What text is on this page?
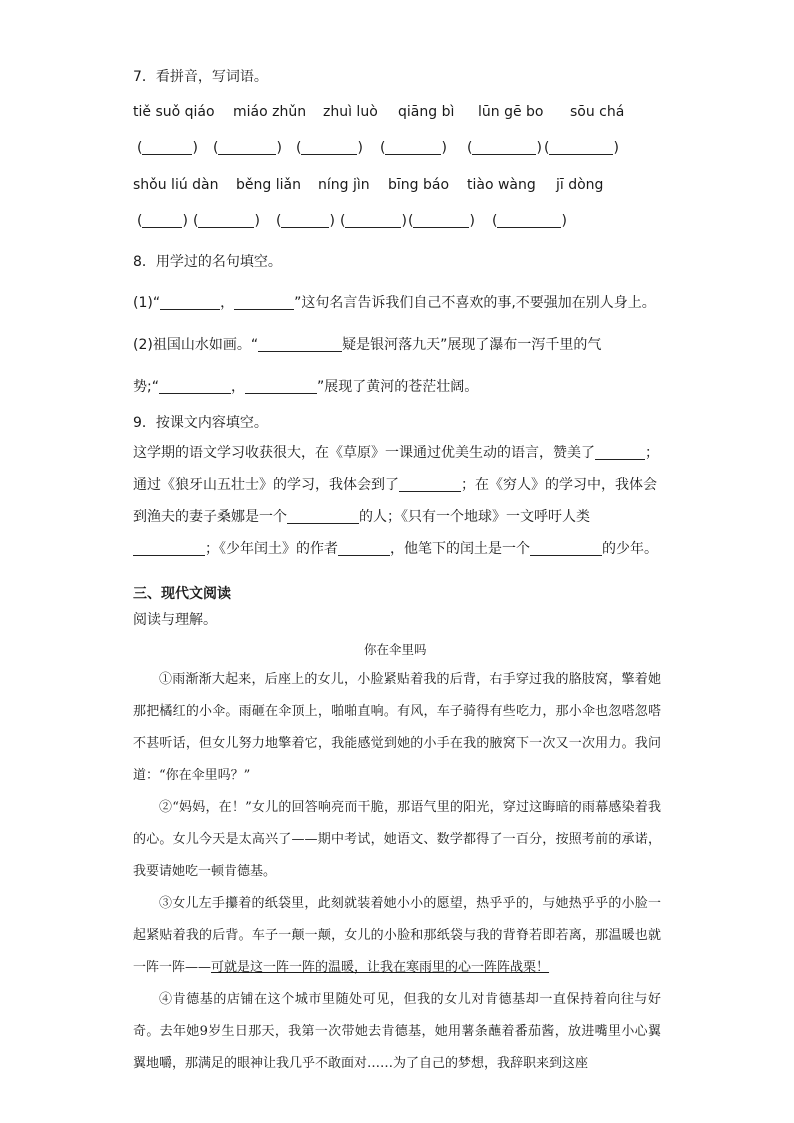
7．看拼音，写词语。
tiě suǒ qiáo miáo zhǔn zhuì luò qiāng bì lūn gē bo sōu chá
(	) (	) (	) (	) (	) (	)
shǒu liú dàn běng liǎn níng jìn bīng báo tiào wàng jī dòng
(	) (	) (	) (	) (	) (	)
8．用学过的名句填空。
(1)“	，	”这句名言告诉我们自己不喜欢的事,不要强加在别人身上。
(2)祖国山水如画。“	疑是银河落九天”展现了瀑布一泻千里的气
势;“	，	”展现了黄河的苍茫壮阔。
9．按课文内容填空。
这学期的语文学习收获很大，在《草原》一课通过优美生动的语言，赞美了	；
通过《狼牙山五壮士》的学习，我体会到了	；在《穷人》的学习中，我体会
到渔夫的妻子桑娜是一个	的人；《只有一个地球》一文呼吁人类
；《少年闰土》的作者	，他笔下的闰土是一个	的少年。
三、现代文阅读
阅读与理解。
你在伞里吗
①雨渐渐大起来，后座上的女儿，小脸紧贴着我的后背，右手穿过我的胳肢窝，擎着她那把橘红的小伞。雨砸在伞顶上，啪啪直响。有风，车子骑得有些吃力，那小伞也忽嗒忽嗒不甚听话，但女儿努力地擎着它，我能感觉到她的小手在我的腋窝下一次又一次用力。我问道：“你在伞里吗？”
②“妈妈，在！”女儿的回答响亮而干脆，那语气里的阳光，穿过这晦暗的雨幕感染着我的心。女儿今天是太高兴了——期中考试，她语文、数学都得了一百分，按照考前的承诺，我要请她吃一顿肯德基。
③女儿左手攥着的纸袋里，此刻就装着她小小的愿望，热乎乎的，与她热乎乎的小脸一起紧贴着我的后背。车子一颠一颠，女儿的小脸和那纸袋与我的背脊若即若离，那温暖也就一阵一阵——可就是这一阵一阵的温暖，让我在寒雨里的心一阵阵战栗！
④肯德基的店铺在这个城市里随处可见，但我的女儿对肯德基却一直保持着向往与好奇。去年她9岁生日那天，我第一次带她去肯德基，她用薯条蘸着番茄酱，放进嘴里小心翼翼地嚼，那满足的眼神让我几乎不敢面对……为了自己的梦想，我辞职来到这座
